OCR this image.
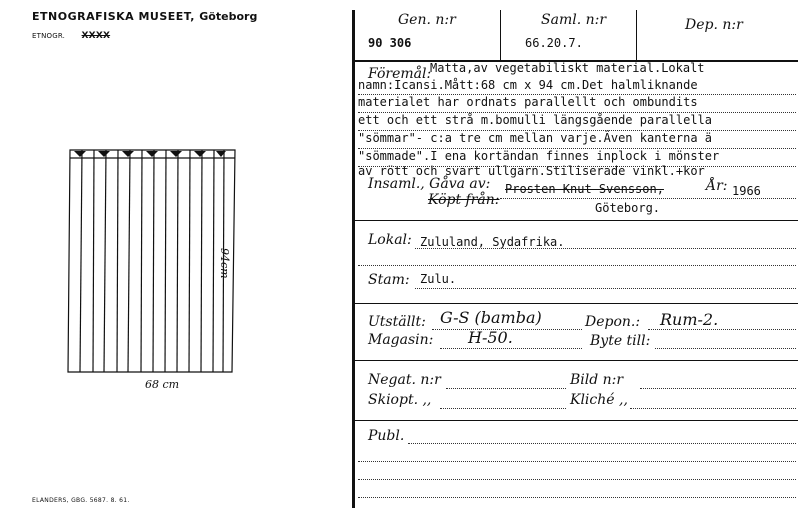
ETNOGRAFISKA MUSEET, Göteborg
ETNOGR. XXXX
94cm
68 cm
ELANDERS, GBG. 5687. 8. 61.
Gen. n:r
90 306
Saml. n:r
66.20.7.
Dep. n:r
Föremål:
Matta,av vegetabiliskt material.Lokalt
namn:Icansi.Mått:68 cm x 94 cm.Det halmliknande
materialet har ordnats parallellt och ombundits
ett och ett strå m.bomulli längsgående parallella
"sömmar"- c:a tre cm mellan varje.Även kanterna ä
"sömmade".I ena kortändan finnes inplock i mönster
av rött och svart ullgarn.Stiliserade vinkl.+kor
Insaml., Gåva av: Prosten Knut Svensson,	År: 1966
Köpt från:	Göteborg.
Lokal: Zululand, Sydafrika.
Stam: Zulu.
Utställt: G-S (bamba)	Depon.: Rum-2.
Magasin: H-50.	Byte till:
Negat. n:r	Bild n:r
Skiopt. ,,	Kliché ,,
Publ.
